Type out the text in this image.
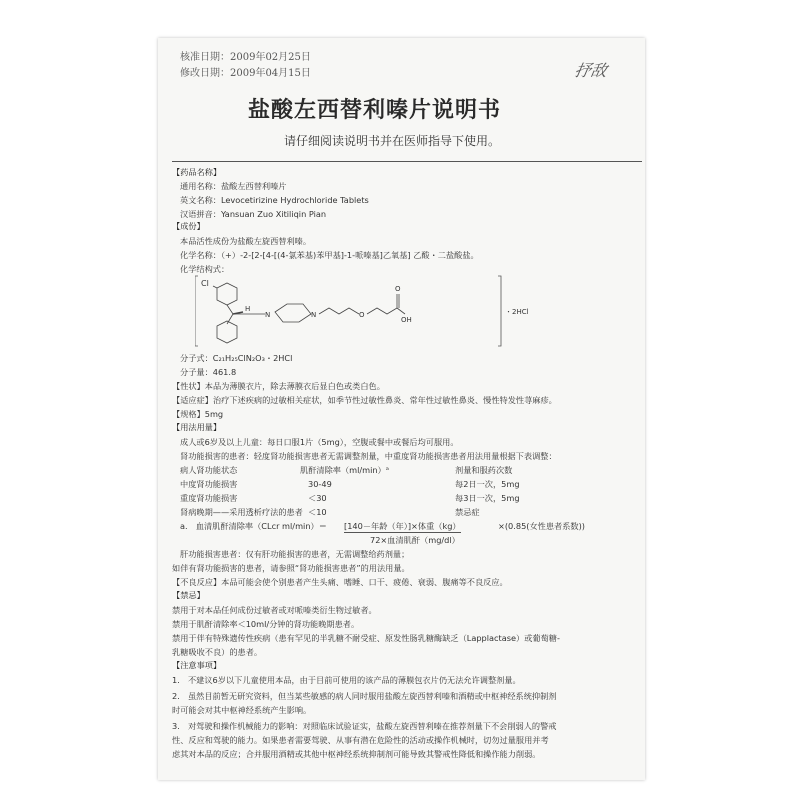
核准日期：2009年02月25日
修改日期：2009年04月15日	抒敌
盐酸左西替利嗪片说明书
请仔细阅读说明书并在医师指导下使用。
【药品名称】
通用名称：盐酸左西替利嗪片
英文名称：Levocetirizine Hydrochloride Tablets
汉语拼音：Yansuan Zuo Xitiliqin Pian
【成份】
本品活性成份为盐酸左旋西替利嗪。
化学名称：（+）-2-[2-[4-[(4-氯苯基)苯甲基]-1-哌嗪基]乙氧基] 乙酸・二盐酸盐。
化学结构式：
Cl
H
N	N	O
O
OH
・2HCl
分子式：C₂₁H₂₅ClN₂O₃・2HCl
分子量：461.8
【性状】本品为薄膜衣片，除去薄膜衣后显白色或类白色。
【适应症】治疗下述疾病的过敏相关症状，如季节性过敏性鼻炎、常年性过敏性鼻炎、慢性特发性荨麻疹。
【规格】5mg
【用法用量】
成人或6岁及以上儿童：每日口服1片（5mg），空腹或餐中或餐后均可服用。
肾功能损害的患者：轻度肾功能损害患者无需调整剂量，中重度肾功能损害患者用法用量根据下表调整：
病人肾功能状态	肌酐清除率（ml/min）ᵃ	剂量和服药次数
中度肾功能损害	30-49	每2日一次，5mg
重度肾功能损害	＜30	每3日一次，5mg
肾病晚期——采用透析疗法的患者 ＜10	禁忌症
a.　血清肌酐清除率（CLcr ml/min）＝ [140－年龄（年）]×体重（kg）	×(0.85(女性患者系数))
72×血清肌酐（mg/dl）
肝功能损害患者：仅有肝功能损害的患者，无需调整给药剂量；
如伴有肾功能损害的患者，请参照“肾功能损害患者”的用法用量。
【不良反应】本品可能会使个别患者产生头痛、嗜睡、口干、疲倦、衰弱、腹痛等不良反应。
【禁忌】
禁用于对本品任何成份过敏者或对哌嗪类衍生物过敏者。
禁用于肌酐清除率＜10ml/分钟的肾功能晚期患者。
禁用于伴有特殊遗传性疾病（患有罕见的半乳糖不耐受症、原发性肠乳糖酶缺乏（Lapplactase）或葡萄糖-
乳糖吸收不良）的患者。
【注意事项】
1.　不建议6岁以下儿童使用本品，由于目前可使用的该产品的薄膜包衣片仍无法允许调整剂量。
2.　虽然目前暂无研究资料，但当某些敏感的病人同时服用盐酸左旋西替利嗪和酒精或中枢神经系统抑制剂
时可能会对其中枢神经系统产生影响。
3.　对驾驶和操作机械能力的影响：对照临床试验证实，盐酸左旋西替利嗪在推荐剂量下不会削弱人的警戒
性、反应和驾驶的能力。如果患者需要驾驶、从事有潜在危险性的活动或操作机械时，切勿过量服用并考
虑其对本品的反应；合并服用酒精或其他中枢神经系统抑制剂可能导致其警戒性降低和操作能力削弱。
